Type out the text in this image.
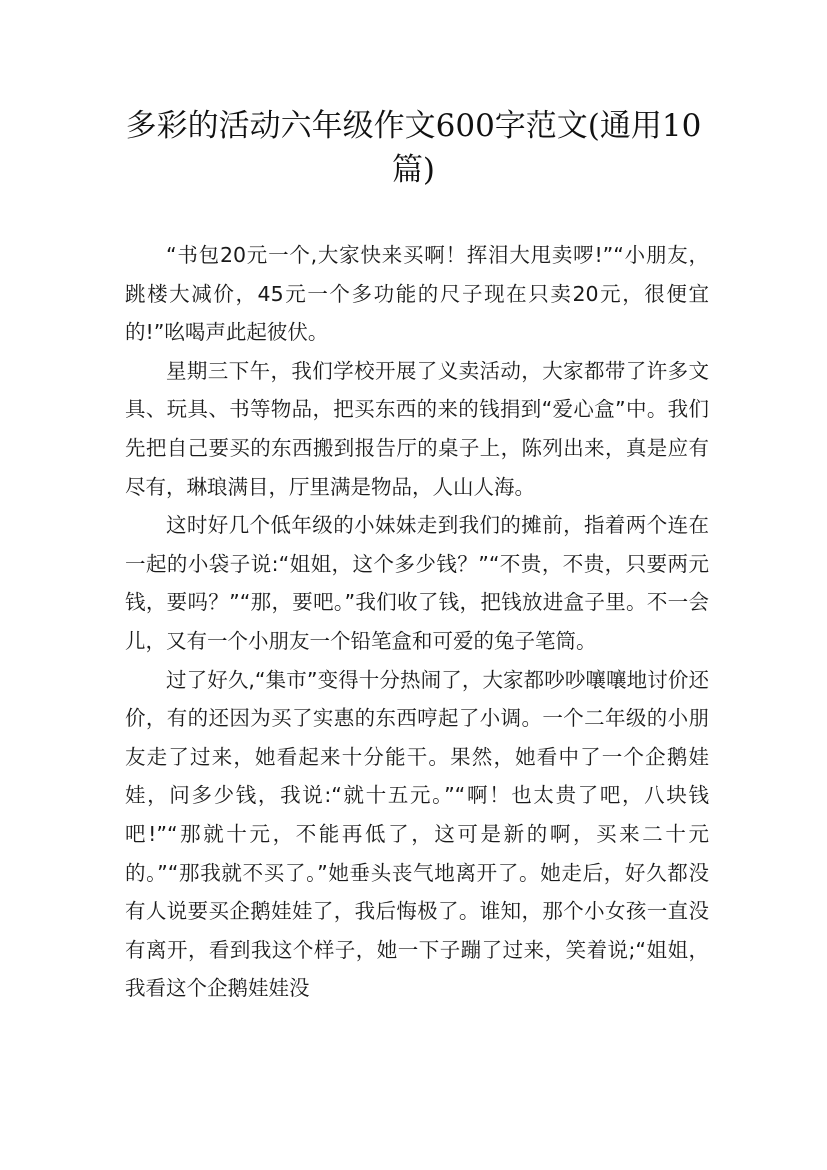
多彩的活动六年级作文600字范文(通用10篇)

“书包20元一个,大家快来买啊！挥泪大甩卖啰!”“小朋友，跳楼大减价，45元一个多功能的尺子现在只卖20元，很便宜的!”吆喝声此起彼伏。

星期三下午，我们学校开展了义卖活动，大家都带了许多文具、玩具、书等物品，把买东西的来的钱捐到“爱心盒”中。我们先把自己要买的东西搬到报告厅的桌子上，陈列出来，真是应有尽有，琳琅满目，厅里满是物品，人山人海。

这时好几个低年级的小妹妹走到我们的摊前，指着两个连在一起的小袋子说:“姐姐，这个多少钱？”“不贵，不贵，只要两元钱，要吗？”“那，要吧。”我们收了钱，把钱放进盒子里。不一会儿，又有一个小朋友一个铅笔盒和可爱的兔子笔筒。

过了好久,“集市”变得十分热闹了，大家都吵吵嚷嚷地讨价还价，有的还因为买了实惠的东西哼起了小调。一个二年级的小朋友走了过来，她看起来十分能干。果然，她看中了一个企鹅娃娃，问多少钱，我说:“就十五元。”“啊！也太贵了吧，八块钱吧!”“那就十元，不能再低了，这可是新的啊，买来二十元的。”“那我就不买了。”她垂头丧气地离开了。她走后，好久都没有人说要买企鹅娃娃了，我后悔极了。谁知，那个小女孩一直没有离开，看到我这个样子，她一下子蹦了过来，笑着说;“姐姐，我看这个企鹅娃娃没
